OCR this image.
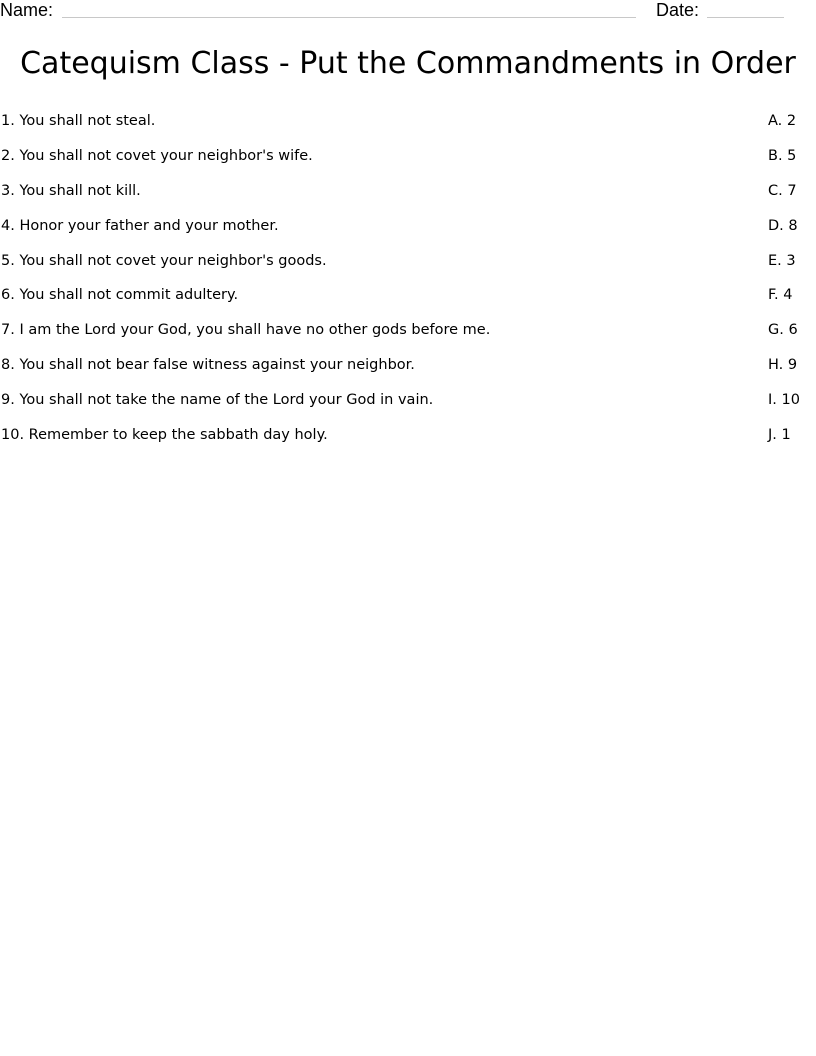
Name:	Date:
Catequism Class - Put the Commandments in Order
1. You shall not steal.	A. 2
2. You shall not covet your neighbor's wife.	B. 5
3. You shall not kill.	C. 7
4. Honor your father and your mother.	D. 8
5. You shall not covet your neighbor's goods.	E. 3
6. You shall not commit adultery.	F. 4
7. I am the Lord your God, you shall have no other gods before me.	G. 6
8. You shall not bear false witness against your neighbor.	H. 9
9. You shall not take the name of the Lord your God in vain.	I. 10
10. Remember to keep the sabbath day holy.	J. 1
